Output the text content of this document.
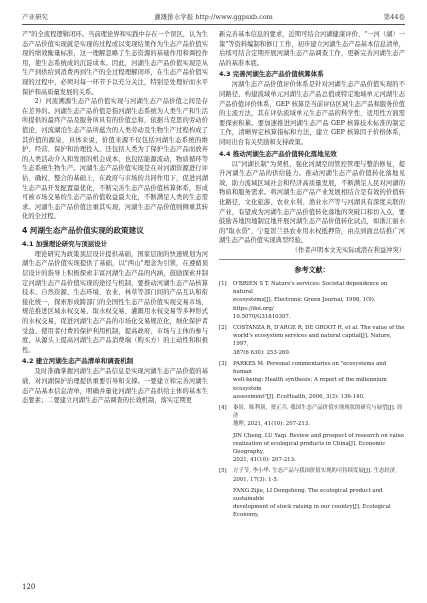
产业研究	灌溉排水学报 http://www.ggpsxb.com	第44卷

产"的全流程逻辑闭环。当前理论界和实践中存在一个误区，认为生态产品价值实现就是实现的过程或以变现结果作为生态产品价值实现的绩效衡量标准，这一理解忽略了生态资源的基础作用和调控作用，使生态系统成的沉淀成本。因此，河湖生态产品价值实现是从生产到供给到消费再到生产的全过程理解闭环，在生态产品价值实现的过程中，必须对每一环节予以充分关注，特别是处理好而水平保护和高质量发展的关系。

2）河流溯源生态产品价值实现与河湖生态产品价值之间是存在差异的。河湖生态产品价值是指河湖生态系统为人类生产和生活所提供的最终产品及服务所具有的价值总和，依据马克思的劳动价值论，河流湖泊生态产品所蕴含的人类劳动及生物生产过程构成了其价值的源泉，具体来说，价值来源不仅包括河湖生态系统的维护、经营、保护和治理投入，还包括人类为了保护生态产品而放弃的人类活动介入和发展的机会成本，也包括能源流动，物质循环等生态系统生物生产。河湖生态产品价值实现是在对河湖资源进行评估、确权、整合的基础上，在政府与市场的共同作用下，促进河湖生态产品开发配置最优化，不断完善生态产品价值核算体系，形成可被市场交易的生态产品价值收益最大化，不断满足人类的生态需求。河湖生态产品价值注重其实现，河湖生态产品价值则侧重其转化的全过程。

4 河湖生态产品价值实现的政策建议
4.1 加强理论研究与顶层设计

理论研究为政策顶层设计提供基础，国家层面的快速规划为河湖生态产品价值实现提供了基础，以"两山"理念为引领，在遵循顶层设计的指导上积极探索丰富河湖生态产品的内涵，鼓励探索并制定河湖生态产品价值实现的途径与机制，要推动河湖生态产品核算技术、自然资源、生态环境、农业、林草等部门间的产品互认和衔接化统一，探索形成跨部门的全国性生态产品价值实现交易市场，规范推进区域水权交易、取水权交易、灌溉用水权交易等多种形式的水权交易，促进河湖生态产品的市场化交易规范化，细化保护者受益、使用者付费的保护利用机制，提高政府、市场与主体的参与度，从源头上提高河湖生态产品消费端（购买方）的主动性和积极性。

4.2 建立河湖生态产品清单和调查机制

及时准确掌握河湖生态产品信息是实现河湖生态产品价值的基础，对河湖保护治理提供重要引导和支撑。一要建立和完善河湖生态产品基本信息清单，明确并量化河湖生态产品供给主体的基本生态要素；二要建立河湖生态产品调查的长效机制，落实定期更

新完善基本信息的要求，近期可结合河湖健康评价、"一河（湖）一策"等资料编制和修订工作，初步建立河湖生态产品基本信息清单，后续可结合定期开展河湖生态产品调查工作，更新完善河湖生态产品的基准本底。

4.3 完善河湖生态产品价值核算体系

河湖生态产品价值评价体系是针对河湖生态产品价值实现的不同路径，构建流域单元河湖生态产品总值或特定地域单元河湖生态产品价值评价体系，GEP 核算是当前评估区域生态产品和服务价值的主流方法，其在评估流域单元生态产品的科学性、适用性方面需要探索积累。要加速推进河湖生态产品 GEP 核算技术标准的制定工作，清晰界定核算指标和方法，建立 GEP 核算因子价格体系，同时出台有关奖励和支持政策。

4.4 推动河湖生态产品价值转化落地见效

以"河湖长制"为契机，强化河湖空间管控管理与整治修复，提升河湖生态产品的供给能力。推动河湖生态产品价值转化落地见效，助力流域区域社会和经济高质量发展，不断满足人民对河湖的物质和服务需求。将河湖生态产品产业发展相结合是有效的价值转化路径，文化旅游、农业水利、渔业水产等与河湖具有深度关联的产业，有望成为河湖生态产品价值转化落地的突破口和切入点，要鼓励各地因地制宜地开展河湖生态产品价值转化试点，如浙江丽水的"取水贷"、宁夏贺兰县农业用水权抵押贷，由点到面总结推广河湖生态产品价值实现典型经验。

（作者声明本文无实际或潜在利益冲突）

参考文献：
[1]	O'BRIEN S T. Nature's services: Societal dependence on natural
ecosystems[J]. Electronic Green Journal, 1998, 1(9). https://doi.org/
10.5070/G31810307.
[2]	COSTANZA R, D'ARGE R, DE GROOT R, et al. The value of the
world's ecosystem services and natural capital[J]. Nature, 1997,
387(6 630): 253-260.
[3]	PARKES M. Personal commentaries on "ecosystems and human
well-being: Health synthesis: A report of the millennium ecosystem
assessment"[J]. EcoHealth, 2006, 3(3): 136-140.
[4]	秦景，陈利顶，贾正兵. 我国生态产品价值实现现状的研究与展望[J]. 经济
地理, 2021, 41(10): 207-213.
JIN Cheng, LU Yaqi. Review and prospect of research on value
realization of ecological products in China[J]. Economic Geography,
2021, 41(10): 207-213.
[5]	方子节, 李小华. 生态产品与我国价值实现的可持续发展[J]. 生态经济,
2001, 17(3): 1-5.
FANG Zijie, LI Dongsheng. The ecological product and sustainable
development of stock raising in our country[J]. Ecological Economy,
120
